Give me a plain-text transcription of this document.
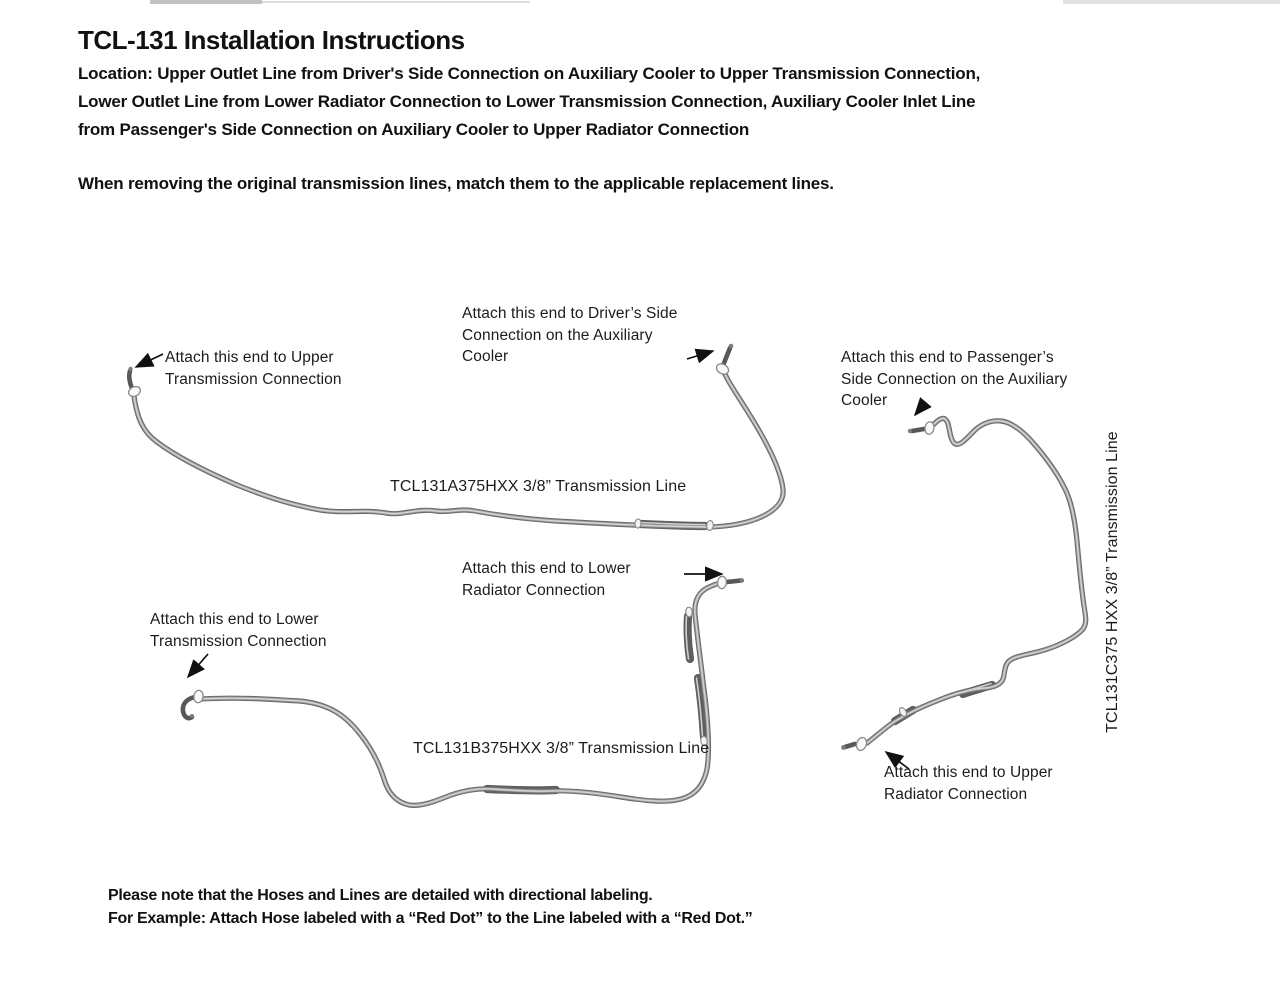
TCL-131 Installation Instructions
Location: Upper Outlet Line from Driver's Side Connection on Auxiliary Cooler to Upper Transmission Connection,
Lower Outlet Line from Lower Radiator Connection to Lower Transmission Connection, Auxiliary Cooler Inlet Line
from Passenger's Side Connection on Auxiliary Cooler to Upper Radiator Connection
When removing the original transmission lines, match them to the applicable replacement lines.
Attach this end to Upper
Transmission Connection
Attach this end to Driver’s Side
Connection on the Auxiliary
Cooler	Attach this end to Passenger’s
Side Connection on the Auxiliary
Cooler
Attach this end to Lower
Radiator Connection
Attach this end to Lower
Transmission Connection
Attach this end to Upper
Radiator Connection
TCL131A375HXX 3/8” Transmission Line
TCL131B375HXX 3/8” Transmission Line
TCL131C375 HXX 3/8” Transmission Line
Please note that the Hoses and Lines are detailed with directional labeling.
For Example: Attach Hose labeled with a “Red Dot” to the Line labeled with a “Red Dot.”
